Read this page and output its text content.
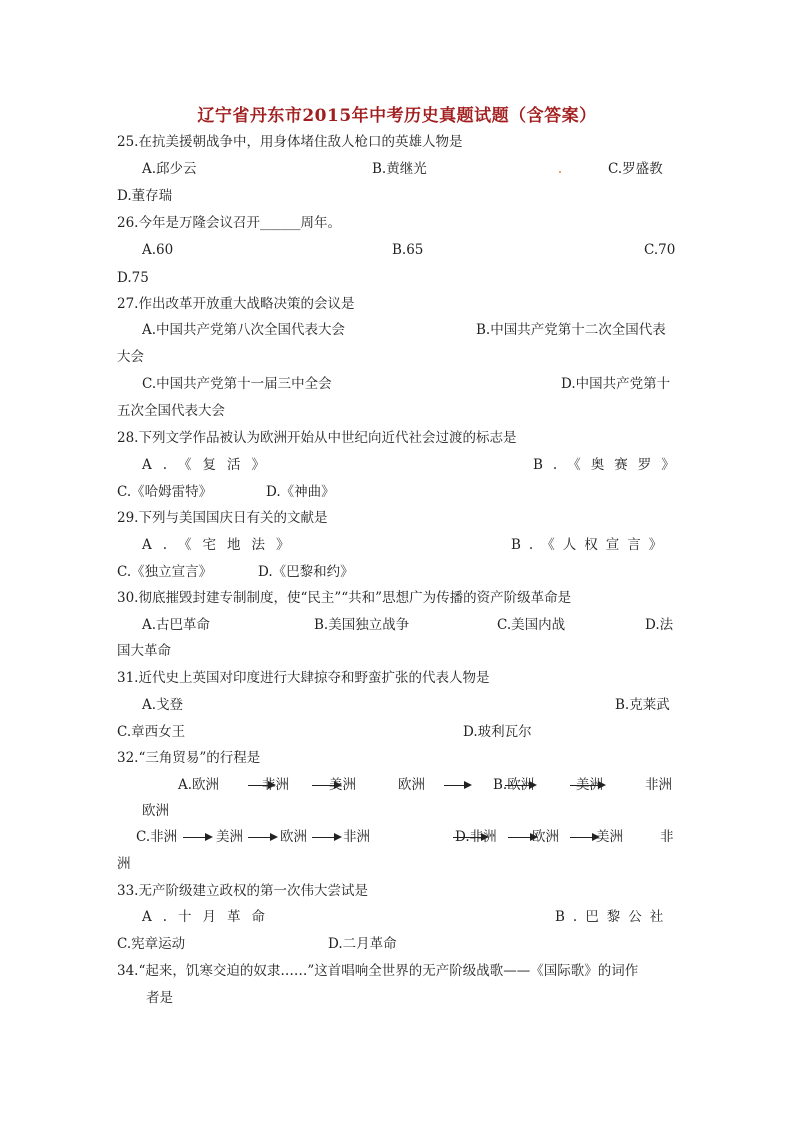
辽宁省丹东市2015年中考历史真题试题（含答案）
25.在抗美援朝战争中，用身体堵住敌人枪口的英雄人物是
A.邱少云	B.黄继光	C.罗盛教
D.董存瑞
26.今年是万隆会议召开______周年。
A.60	B.65	C.70
D.75
27.作出改革开放重大战略决策的会议是
A.中国共产党第八次全国代表大会	B.中国共产党第十二次全国代表
大会
C.中国共产党第十一届三中全会	D.中国共产党第十
五次全国代表大会
28.下列文学作品被认为欧洲开始从中世纪向近代社会过渡的标志是
A.《复活》	B.《奥赛罗》
C.《哈姆雷特》	D.《神曲》
29.下列与美国国庆日有关的文献是
A.《宅地法》	B.《人权宣言》
C.《独立宣言》	D.《巴黎和约》
30.彻底摧毁封建专制制度，使“民主”“共和”思想广为传播的资产阶级革命是
A.古巴革命	B.美国独立战争	C.美国内战	D.法
国大革命
31.近代史上英国对印度进行大肆掠夺和野蛮扩张的代表人物是
A.戈登	B.克莱武
C.章西女王	D.玻利瓦尔
32.“三角贸易”的行程是
A.欧洲	非洲	美洲	欧洲	B.欧洲	美洲	非洲
欧洲
C.非洲	美洲	欧洲	非洲	D.非洲	欧洲	美洲	非
洲
33.无产阶级建立政权的第一次伟大尝试是
A.十月革命	B.巴黎公社
C.宪章运动	D.二月革命
34.“起来，饥寒交迫的奴隶……”这首唱响全世界的无产阶级战歌——《国际歌》的词作
者是
